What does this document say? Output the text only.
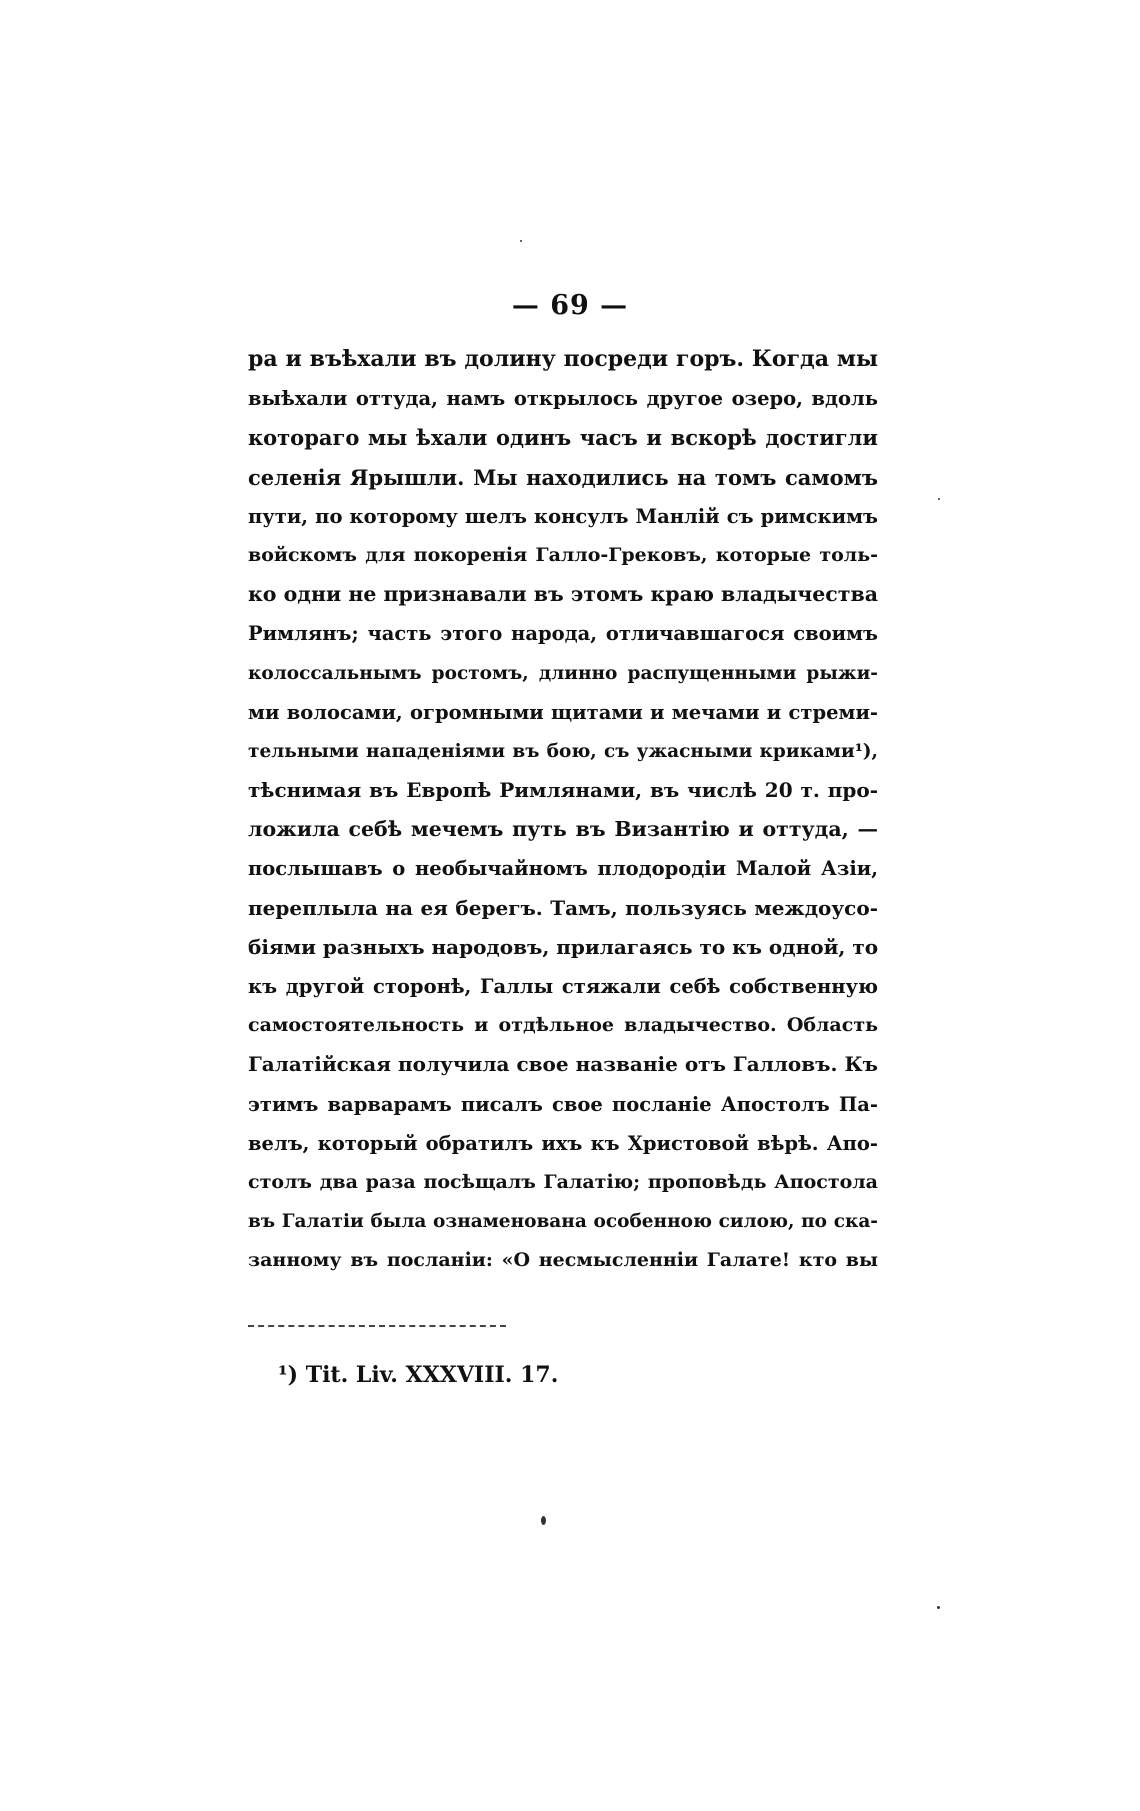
— 69 —
ра и въѣхали въ долину посреди горъ. Когда мы
выѣхали оттуда, намъ открылось другое озеро, вдоль
котораго мы ѣхали одинъ часъ и вскорѣ достигли
селенія Ярышли. Мы находились на томъ самомъ
пути, по которому шелъ консулъ Манлій съ римскимъ
войскомъ для покоренія Галло-Грековъ, которые толь-
ко одни не признавали въ этомъ краю владычества
Римлянъ; часть этого народа, отличавшагося своимъ
колоссальнымъ ростомъ, длинно распущенными рыжи-
ми волосами, огромными щитами и мечами и стреми-
тельными нападеніями въ бою, съ ужасными криками¹),
тѣснимая въ Европѣ Римлянами, въ числѣ 20 т. про-
ложила себѣ мечемъ путь въ Византію и оттуда, —
послышавъ о необычайномъ плодородіи Малой Азіи,
переплыла на ея берегъ. Тамъ, пользуясь междоусо-
біями разныхъ народовъ, прилагаясь то къ одной, то
къ другой сторонѣ, Галлы стяжали себѣ собственную
самостоятельность и отдѣльное владычество. Область
Галатійская получила свое названіе отъ Галловъ. Къ
этимъ варварамъ писалъ свое посланіе Апостолъ Па-
велъ, который обратилъ ихъ къ Христовой вѣрѣ. Апо-
столъ два раза посѣщалъ Галатію; проповѣдь Апостола
въ Галатіи была ознаменована особенною силою, по ска-
занному въ посланіи: «О несмысленніи Галате! кто вы
¹) Tit. Liv. XXXVIII. 17.
